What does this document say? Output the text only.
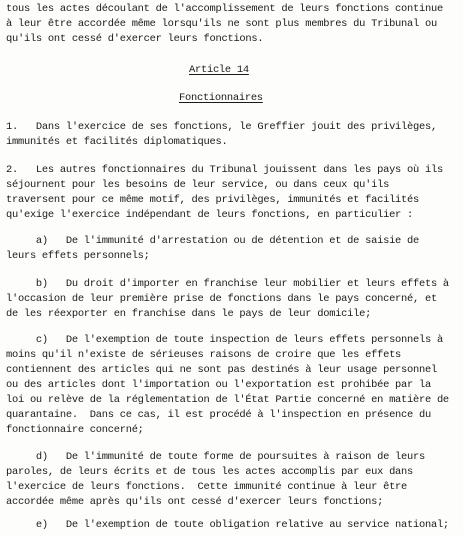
tous les actes découlant de l'accomplissement de leurs fonctions continue
à leur être accordée même lorsqu'ils ne sont plus membres du Tribunal ou
qu'ils ont cessé d'exercer leurs fonctions.
Article 14
Fonctionnaires
1.   Dans l'exercice de ses fonctions, le Greffier jouit des privilèges,
immunités et facilités diplomatiques.
2.   Les autres fonctionnaires du Tribunal jouissent dans les pays où ils
séjournent pour les besoins de leur service, ou dans ceux qu'ils
traversent pour ce même motif, des privilèges, immunités et facilités
qu'exige l'exercice indépendant de leurs fonctions, en particulier :
a)   De l'immunité d'arrestation ou de détention et de saisie de
leurs effets personnels;
b)   Du droit d'importer en franchise leur mobilier et leurs effets à
l'occasion de leur première prise de fonctions dans le pays concerné, et
de les réexporter en franchise dans le pays de leur domicile;
c)   De l'exemption de toute inspection de leurs effets personnels à
moins qu'il n'existe de sérieuses raisons de croire que les effets
contiennent des articles qui ne sont pas destinés à leur usage personnel
ou des articles dont l'importation ou l'exportation est prohibée par la
loi ou relève de la réglementation de l'État Partie concerné en matière de
quarantaine.  Dans ce cas, il est procédé à l'inspection en présence du
fonctionnaire concerné;
d)   De l'immunité de toute forme de poursuites à raison de leurs
paroles, de leurs écrits et de tous les actes accomplis par eux dans
l'exercice de leurs fonctions.  Cette immunité continue à leur être
accordée même après qu'ils ont cessé d'exercer leurs fonctions;
e)   De l'exemption de toute obligation relative au service national;
